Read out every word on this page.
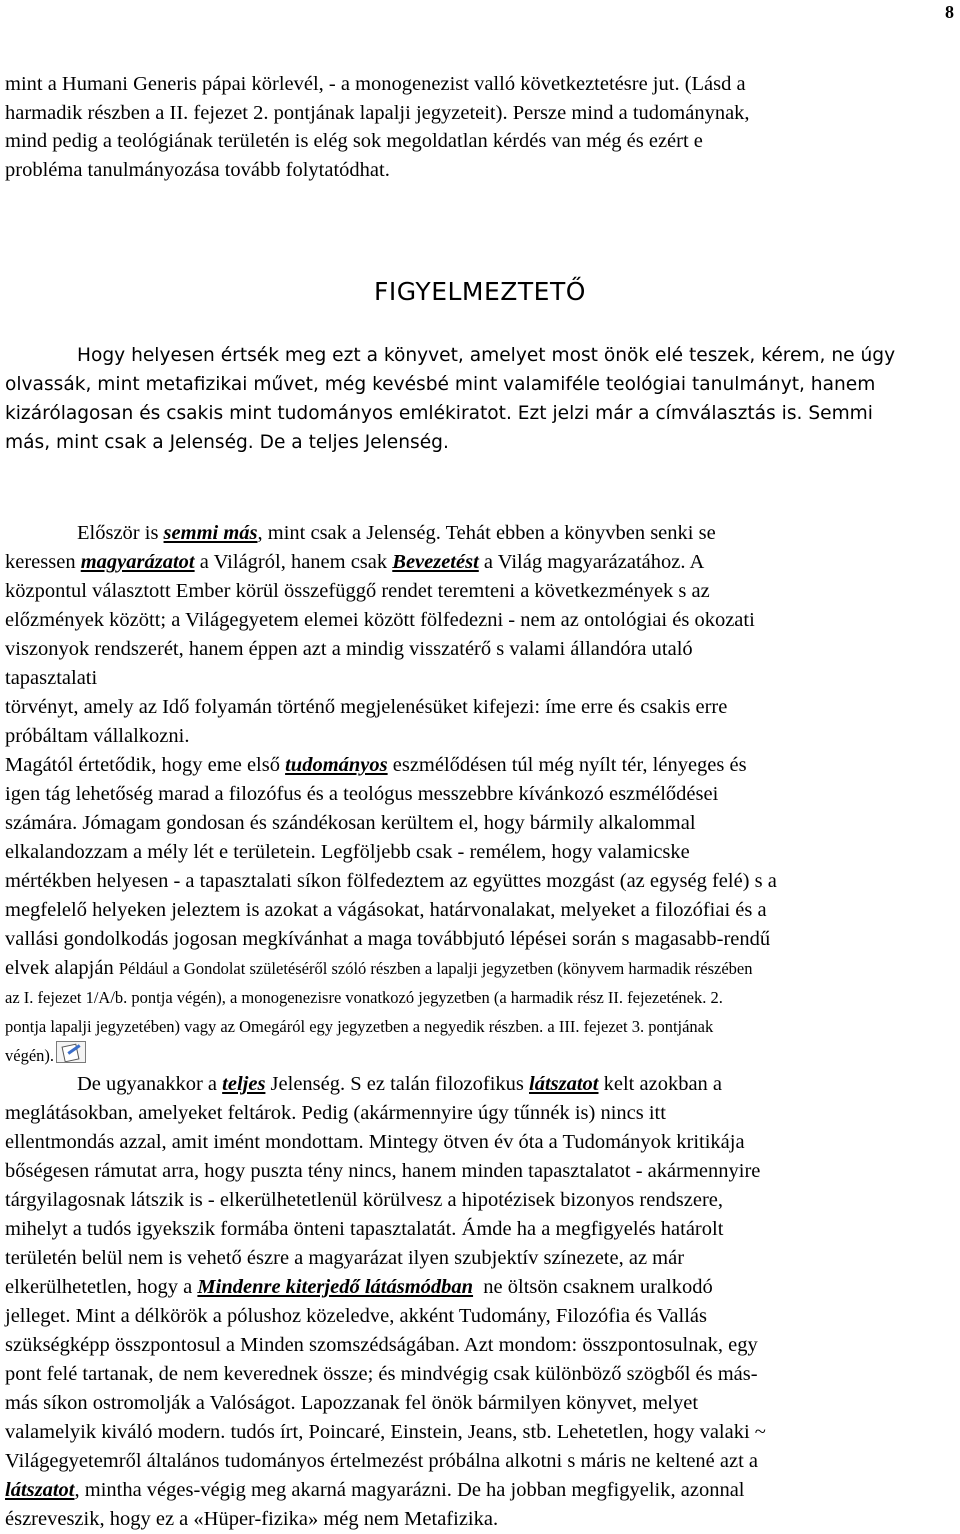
8
mint a Humani Generis pápai körlevél, - a monogenezist valló következtetésre jut. (Lásd a
harmadik részben a II. fejezet 2. pontjának lapalji jegyzeteit). Persze mind a tudománynak,
mind pedig a teológiának területén is elég sok megoldatlan kérdés van még és ezért e
probléma tanulmányozása tovább folytatódhat.
FIGYELMEZTETŐ

Hogy helyesen értsék meg ezt a könyvet, amelyet most önök elé teszek, kérem, ne úgy
olvassák, mint metafizikai művet, még kevésbé mint valamiféle teológiai tanulmányt, hanem
kizárólagosan és csakis mint tudományos emlékiratot. Ezt jelzi már a címválasztás is. Semmi
más, mint csak a Jelenség. De a teljes Jelenség.

Először is semmi más, mint csak a Jelenség. Tehát ebben a könyvben senki se
keressen magyarázatot a Világról, hanem csak Bevezetést a Világ magyarázatához. A
központul választott Ember körül összefüggő rendet teremteni a következmények s az
előzmények között; a Világegyetem elemei között fölfedezni - nem az ontológiai és okozati
viszonyok rendszerét, hanem éppen azt a mindig visszatérő s valami állandóra utaló
tapasztalati
törvényt, amely az Idő folyamán történő megjelenésüket kifejezi: íme erre és csakis erre
próbáltam vállalkozni.

Magától értetődik, hogy eme első tudományos eszmélődésen túl még nyílt tér, lényeges és
igen tág lehetőség marad a filozófus és a teológus messzebbre kívánkozó eszmélődései
számára. Jómagam gondosan és szándékosan kerültem el, hogy bármily alkalommal
elkalandozzam a mély lét e területein. Legföljebb csak - remélem, hogy valamicske
mértékben helyesen - a tapasztalati síkon fölfedeztem az együttes mozgást (az egység felé) s a
megfelelő helyeken jeleztem is azokat a vágásokat, határvonalakat, melyeket a filozófiai és a
vallási gondolkodás jogosan megkívánhat a maga továbbjutó lépései során s magasabb-rendű
elvek alapján Például a Gondolat születéséről szóló részben a lapalji jegyzetben (könyvem harmadik részében
az I. fejezet 1/A/b. pontja végén), a monogenezisre vonatkozó jegyzetben (a harmadik rész II. fejezetének. 2.
pontja lapalji jegyzetében) vagy az Omegáról egy jegyzetben a negyedik részben. a III. fejezet 3. pontjának
végén).

De ugyanakkor a teljes Jelenség. S ez talán filozofikus látszatot kelt azokban a
meglátásokban, amelyeket feltárok. Pedig (akármennyire úgy tűnnék is) nincs itt
ellentmondás azzal, amit imént mondottam. Mintegy ötven év óta a Tudományok kritikája
bőségesen rámutat arra, hogy puszta tény nincs, hanem minden tapasztalatot - akármennyire
tárgyilagosnak látszik is - elkerülhetetlenül körülvesz a hipotézisek bizonyos rendszere,
mihelyt a tudós igyekszik formába önteni tapasztalatát. Ámde ha a megfigyelés határolt
területén belül nem is vehető észre a magyarázat ilyen szubjektív színezete, az már
elkerülhetetlen, hogy a Mindenre kiterjedő látásmódban  ne öltsön csaknem uralkodó
jelleget. Mint a délkörök a pólushoz közeledve, akként Tudomány, Filozófia és Vallás
szükségképp összpontosul a Minden szomszédságában. Azt mondom: összpontosulnak, egy
pont felé tartanak, de nem keverednek össze; és mindvégig csak különböző szögből és más-
más síkon ostromolják a Valóságot. Lapozzanak fel önök bármilyen könyvet, melyet
valamelyik kiváló modern. tudós írt, Poincaré, Einstein, Jeans, stb. Lehetetlen, hogy valaki ~
Világegyetemről általános tudományos értelmezést próbálna alkotni s máris ne keltené azt a
látszatot, mintha véges-végig meg akarná magyarázni. De ha jobban megfigyelik, azonnal
észreveszik, hogy ez a «Hüper-fizika» még nem Metafizika.
